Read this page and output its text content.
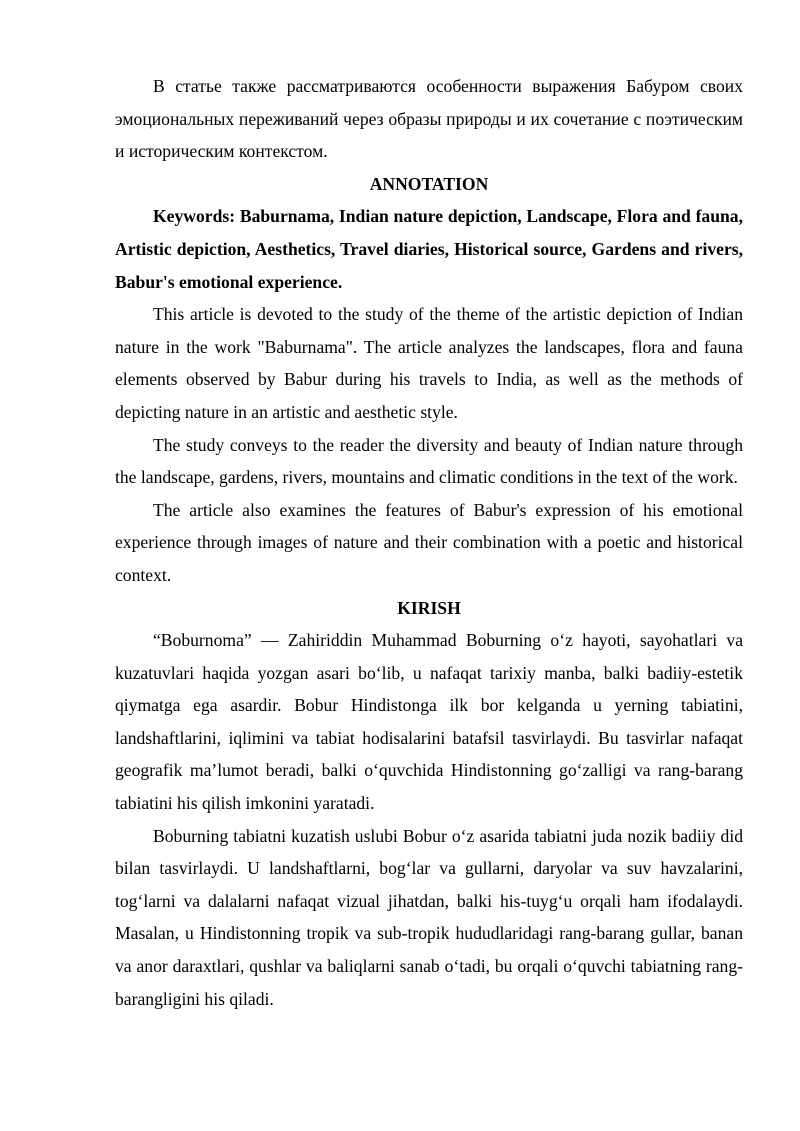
В статье также рассматриваются особенности выражения Бабуром своих эмоциональных переживаний через образы природы и их сочетание с поэтическим и историческим контекстом.

ANNOTATION

Keywords: Baburnama, Indian nature depiction, Landscape, Flora and fauna, Artistic depiction, Aesthetics, Travel diaries, Historical source, Gardens and rivers, Babur's emotional experience.

This article is devoted to the study of the theme of the artistic depiction of Indian nature in the work "Baburnama". The article analyzes the landscapes, flora and fauna elements observed by Babur during his travels to India, as well as the methods of depicting nature in an artistic and aesthetic style.

The study conveys to the reader the diversity and beauty of Indian nature through the landscape, gardens, rivers, mountains and climatic conditions in the text of the work.

The article also examines the features of Babur's expression of his emotional experience through images of nature and their combination with a poetic and historical context.

KIRISH

“Boburnoma” — Zahiriddin Muhammad Boburning o‘z hayoti, sayohatlari va kuzatuvlari haqida yozgan asari bo‘lib, u nafaqat tarixiy manba, balki badiiy-estetik qiymatga ega asardir. Bobur Hindistonga ilk bor kelganda u yerning tabiatini, landshaftlarini, iqlimini va tabiat hodisalarini batafsil tasvirlaydi. Bu tasvirlar nafaqat geografik ma’lumot beradi, balki o‘quvchida Hindistonning go‘zalligi va rang-barang tabiatini his qilish imkonini yaratadi.

Boburning tabiatni kuzatish uslubi Bobur o‘z asarida tabiatni juda nozik badiiy did bilan tasvirlaydi. U landshaftlarni, bog‘lar va gullarni, daryolar va suv havzalarini, tog‘larni va dalalarni nafaqat vizual jihatdan, balki his-tuyg‘u orqali ham ifodalaydi. Masalan, u Hindistonning tropik va sub-tropik hududlaridagi rang-barang gullar, banan va anor daraxtlari, qushlar va baliqlarni sanab o‘tadi, bu orqali o‘quvchi tabiatning rang-barangligini his qiladi.
